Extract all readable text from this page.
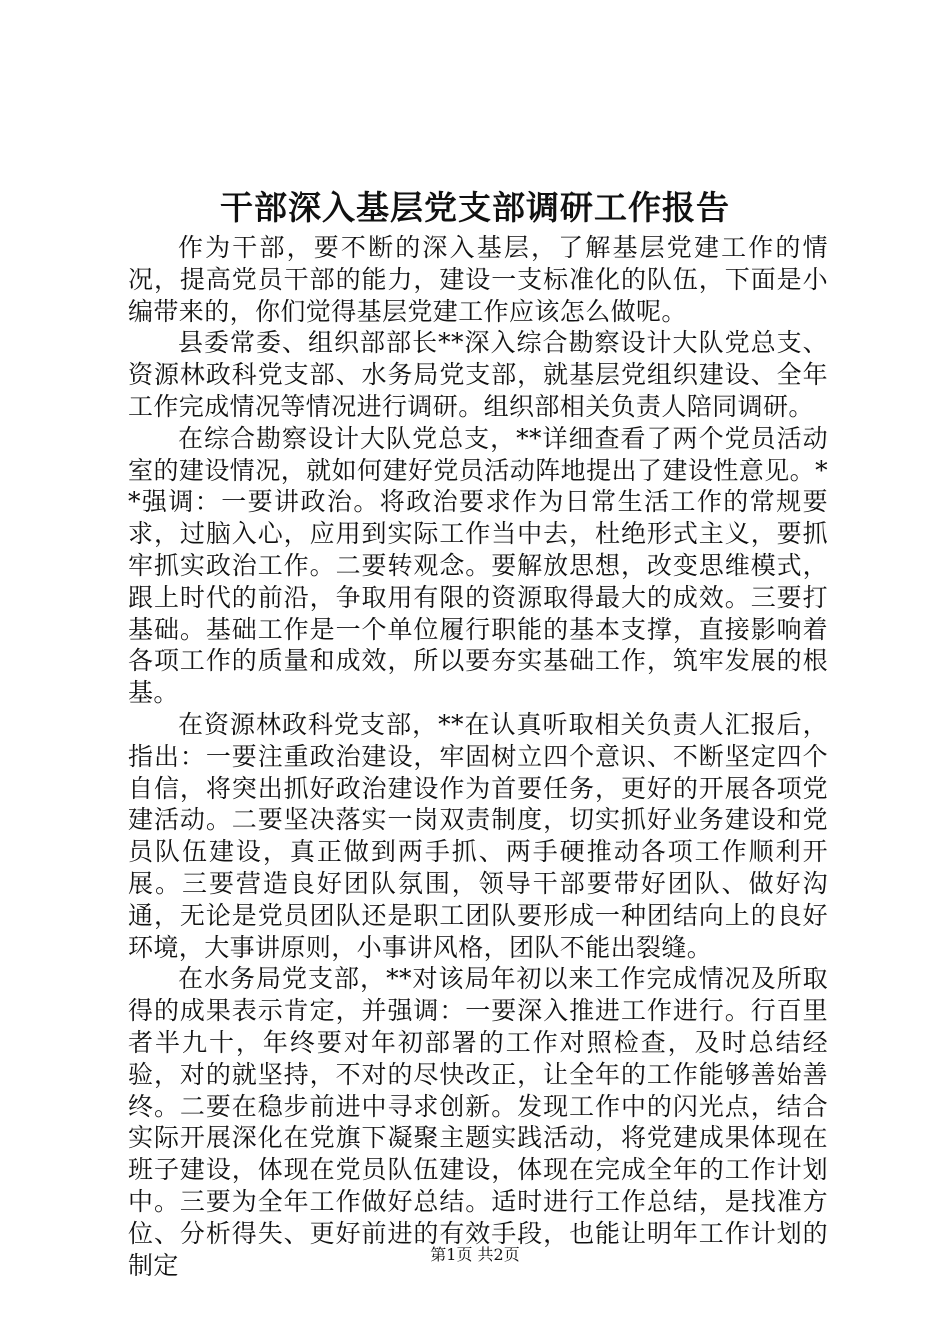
干部深入基层党支部调研工作报告

作为干部，要不断的深入基层，了解基层党建工作的情况，提高党员干部的能力，建设一支标准化的队伍，下面是小编带来的，你们觉得基层党建工作应该怎么做呢。

县委常委、组织部部长**深入综合勘察设计大队党总支、资源林政科党支部、水务局党支部，就基层党组织建设、全年工作完成情况等情况进行调研。组织部相关负责人陪同调研。

在综合勘察设计大队党总支，**详细查看了两个党员活动室的建设情况，就如何建好党员活动阵地提出了建设性意见。**强调：一要讲政治。将政治要求作为日常生活工作的常规要求，过脑入心，应用到实际工作当中去，杜绝形式主义，要抓牢抓实政治工作。二要转观念。要解放思想，改变思维模式，跟上时代的前沿，争取用有限的资源取得最大的成效。三要打基础。基础工作是一个单位履行职能的基本支撑，直接影响着各项工作的质量和成效，所以要夯实基础工作，筑牢发展的根基。

在资源林政科党支部，**在认真听取相关负责人汇报后，指出：一要注重政治建设，牢固树立四个意识、不断坚定四个自信，将突出抓好政治建设作为首要任务，更好的开展各项党建活动。二要坚决落实一岗双责制度，切实抓好业务建设和党员队伍建设，真正做到两手抓、两手硬推动各项工作顺利开展。三要营造良好团队氛围，领导干部要带好团队、做好沟通，无论是党员团队还是职工团队要形成一种团结向上的良好环境，大事讲原则，小事讲风格，团队不能出裂缝。

在水务局党支部，**对该局年初以来工作完成情况及所取得的成果表示肯定，并强调：一要深入推进工作进行。行百里者半九十，年终要对年初部署的工作对照检查，及时总结经验，对的就坚持，不对的尽快改正，让全年的工作能够善始善终。二要在稳步前进中寻求创新。发现工作中的闪光点，结合实际开展深化在党旗下凝聚主题实践活动，将党建成果体现在班子建设，体现在党员队伍建设，体现在完成全年的工作计划中。三要为全年工作做好总结。适时进行工作总结，是找准方位、分析得失、更好前进的有效手段，也能让明年工作计划的制定	第1页 共2页
